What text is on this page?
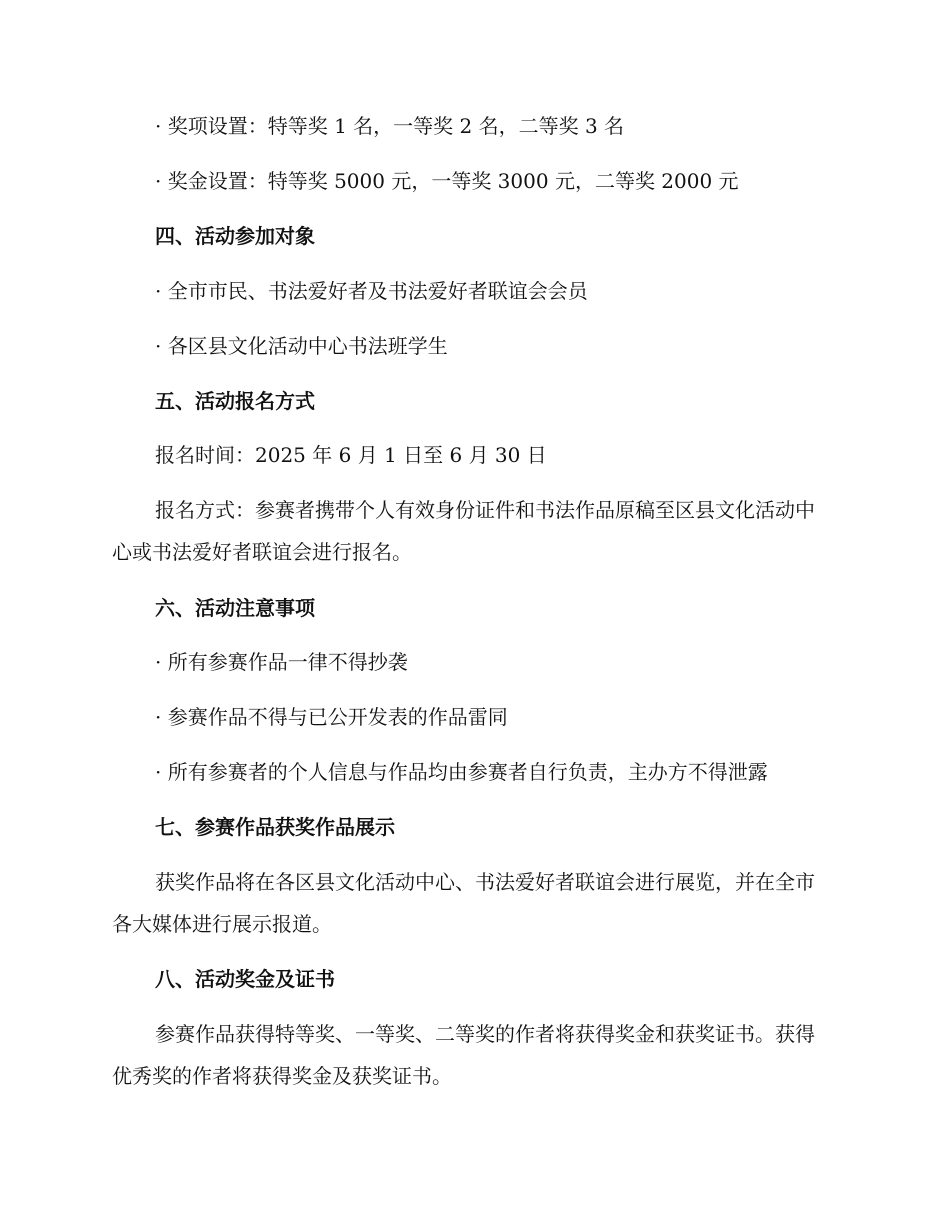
· 奖项设置：特等奖 1 名，一等奖 2 名，二等奖 3 名
· 奖金设置：特等奖 5000 元，一等奖 3000 元，二等奖 2000 元
四、活动参加对象
· 全市市民、书法爱好者及书法爱好者联谊会会员
· 各区县文化活动中心书法班学生
五、活动报名方式
报名时间：2025 年 6 月 1 日至 6 月 30 日
报名方式：参赛者携带个人有效身份证件和书法作品原稿至区县文化活动中心或书法爱好者联谊会进行报名。
六、活动注意事项
· 所有参赛作品一律不得抄袭
· 参赛作品不得与已公开发表的作品雷同
· 所有参赛者的个人信息与作品均由参赛者自行负责，主办方不得泄露
七、参赛作品获奖作品展示
获奖作品将在各区县文化活动中心、书法爱好者联谊会进行展览，并在全市各大媒体进行展示报道。
八、活动奖金及证书
参赛作品获得特等奖、一等奖、二等奖的作者将获得奖金和获奖证书。获得优秀奖的作者将获得奖金及获奖证书。
